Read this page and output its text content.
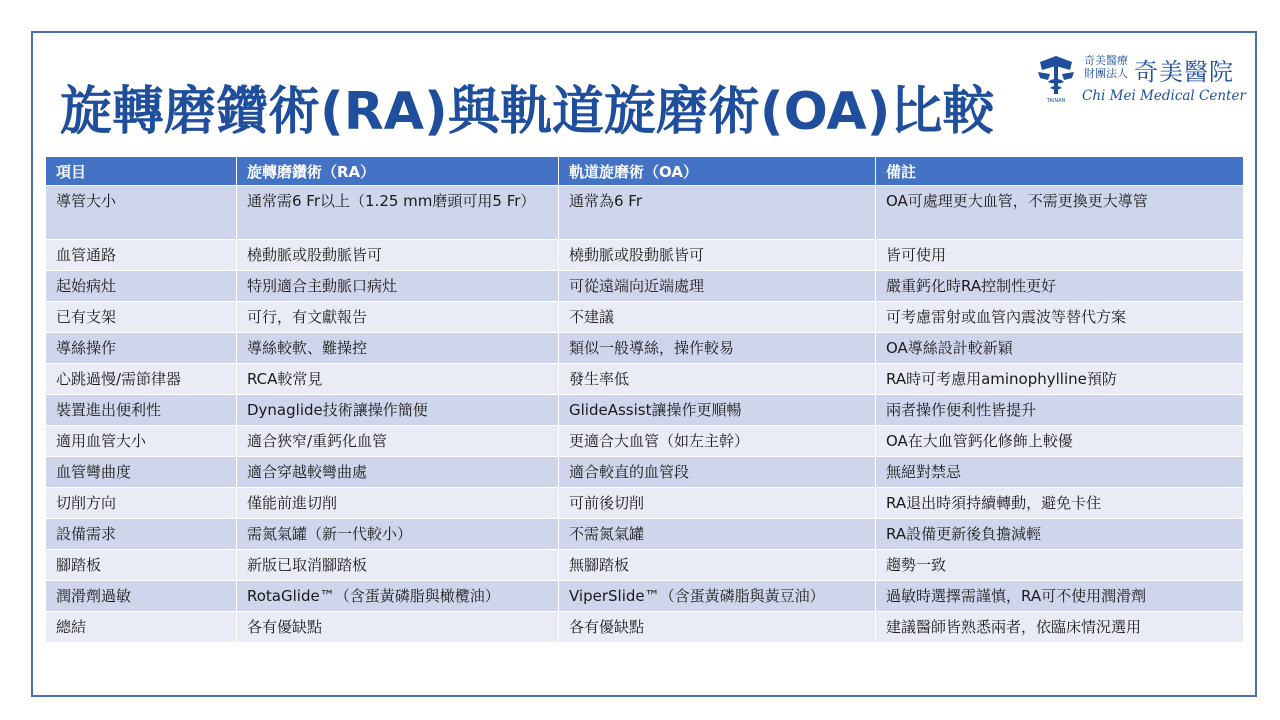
旋轉磨鑽術(RA)與軌道旋磨術(OA)比較	TAINAN
奇美醫療
財團法人 奇美醫院
Chi Mei Medical Center
項目	旋轉磨鑽術（RA）	軌道旋磨術（OA）	備註
導管大小	通常需6 Fr以上（1.25 mm磨頭可用5 Fr）	通常為6 Fr	OA可處理更大血管，不需更換更大導管
血管通路	橈動脈或股動脈皆可	橈動脈或股動脈皆可	皆可使用
起始病灶	特別適合主動脈口病灶	可從遠端向近端處理	嚴重鈣化時RA控制性更好
已有支架	可行，有文獻報告	不建議	可考慮雷射或血管內震波等替代方案
導絲操作	導絲較軟、難操控	類似一般導絲，操作較易	OA導絲設計較新穎
心跳過慢/需節律器	RCA較常見	發生率低	RA時可考慮用aminophylline預防
裝置進出便利性	Dynaglide技術讓操作簡便	GlideAssist讓操作更順暢	兩者操作便利性皆提升
適用血管大小	適合狹窄/重鈣化血管	更適合大血管（如左主幹）	OA在大血管鈣化修飾上較優
血管彎曲度	適合穿越較彎曲處	適合較直的血管段	無絕對禁忌
切削方向	僅能前進切削	可前後切削	RA退出時須持續轉動，避免卡住
設備需求	需氮氣罐（新一代較小）	不需氮氣罐	RA設備更新後負擔減輕
腳踏板	新版已取消腳踏板	無腳踏板	趨勢一致
潤滑劑過敏	RotaGlide™（含蛋黃磷脂與橄欖油）	ViperSlide™（含蛋黃磷脂與黃豆油）	過敏時選擇需謹慎，RA可不使用潤滑劑
總結	各有優缺點	各有優缺點	建議醫師皆熟悉兩者，依臨床情況選用
